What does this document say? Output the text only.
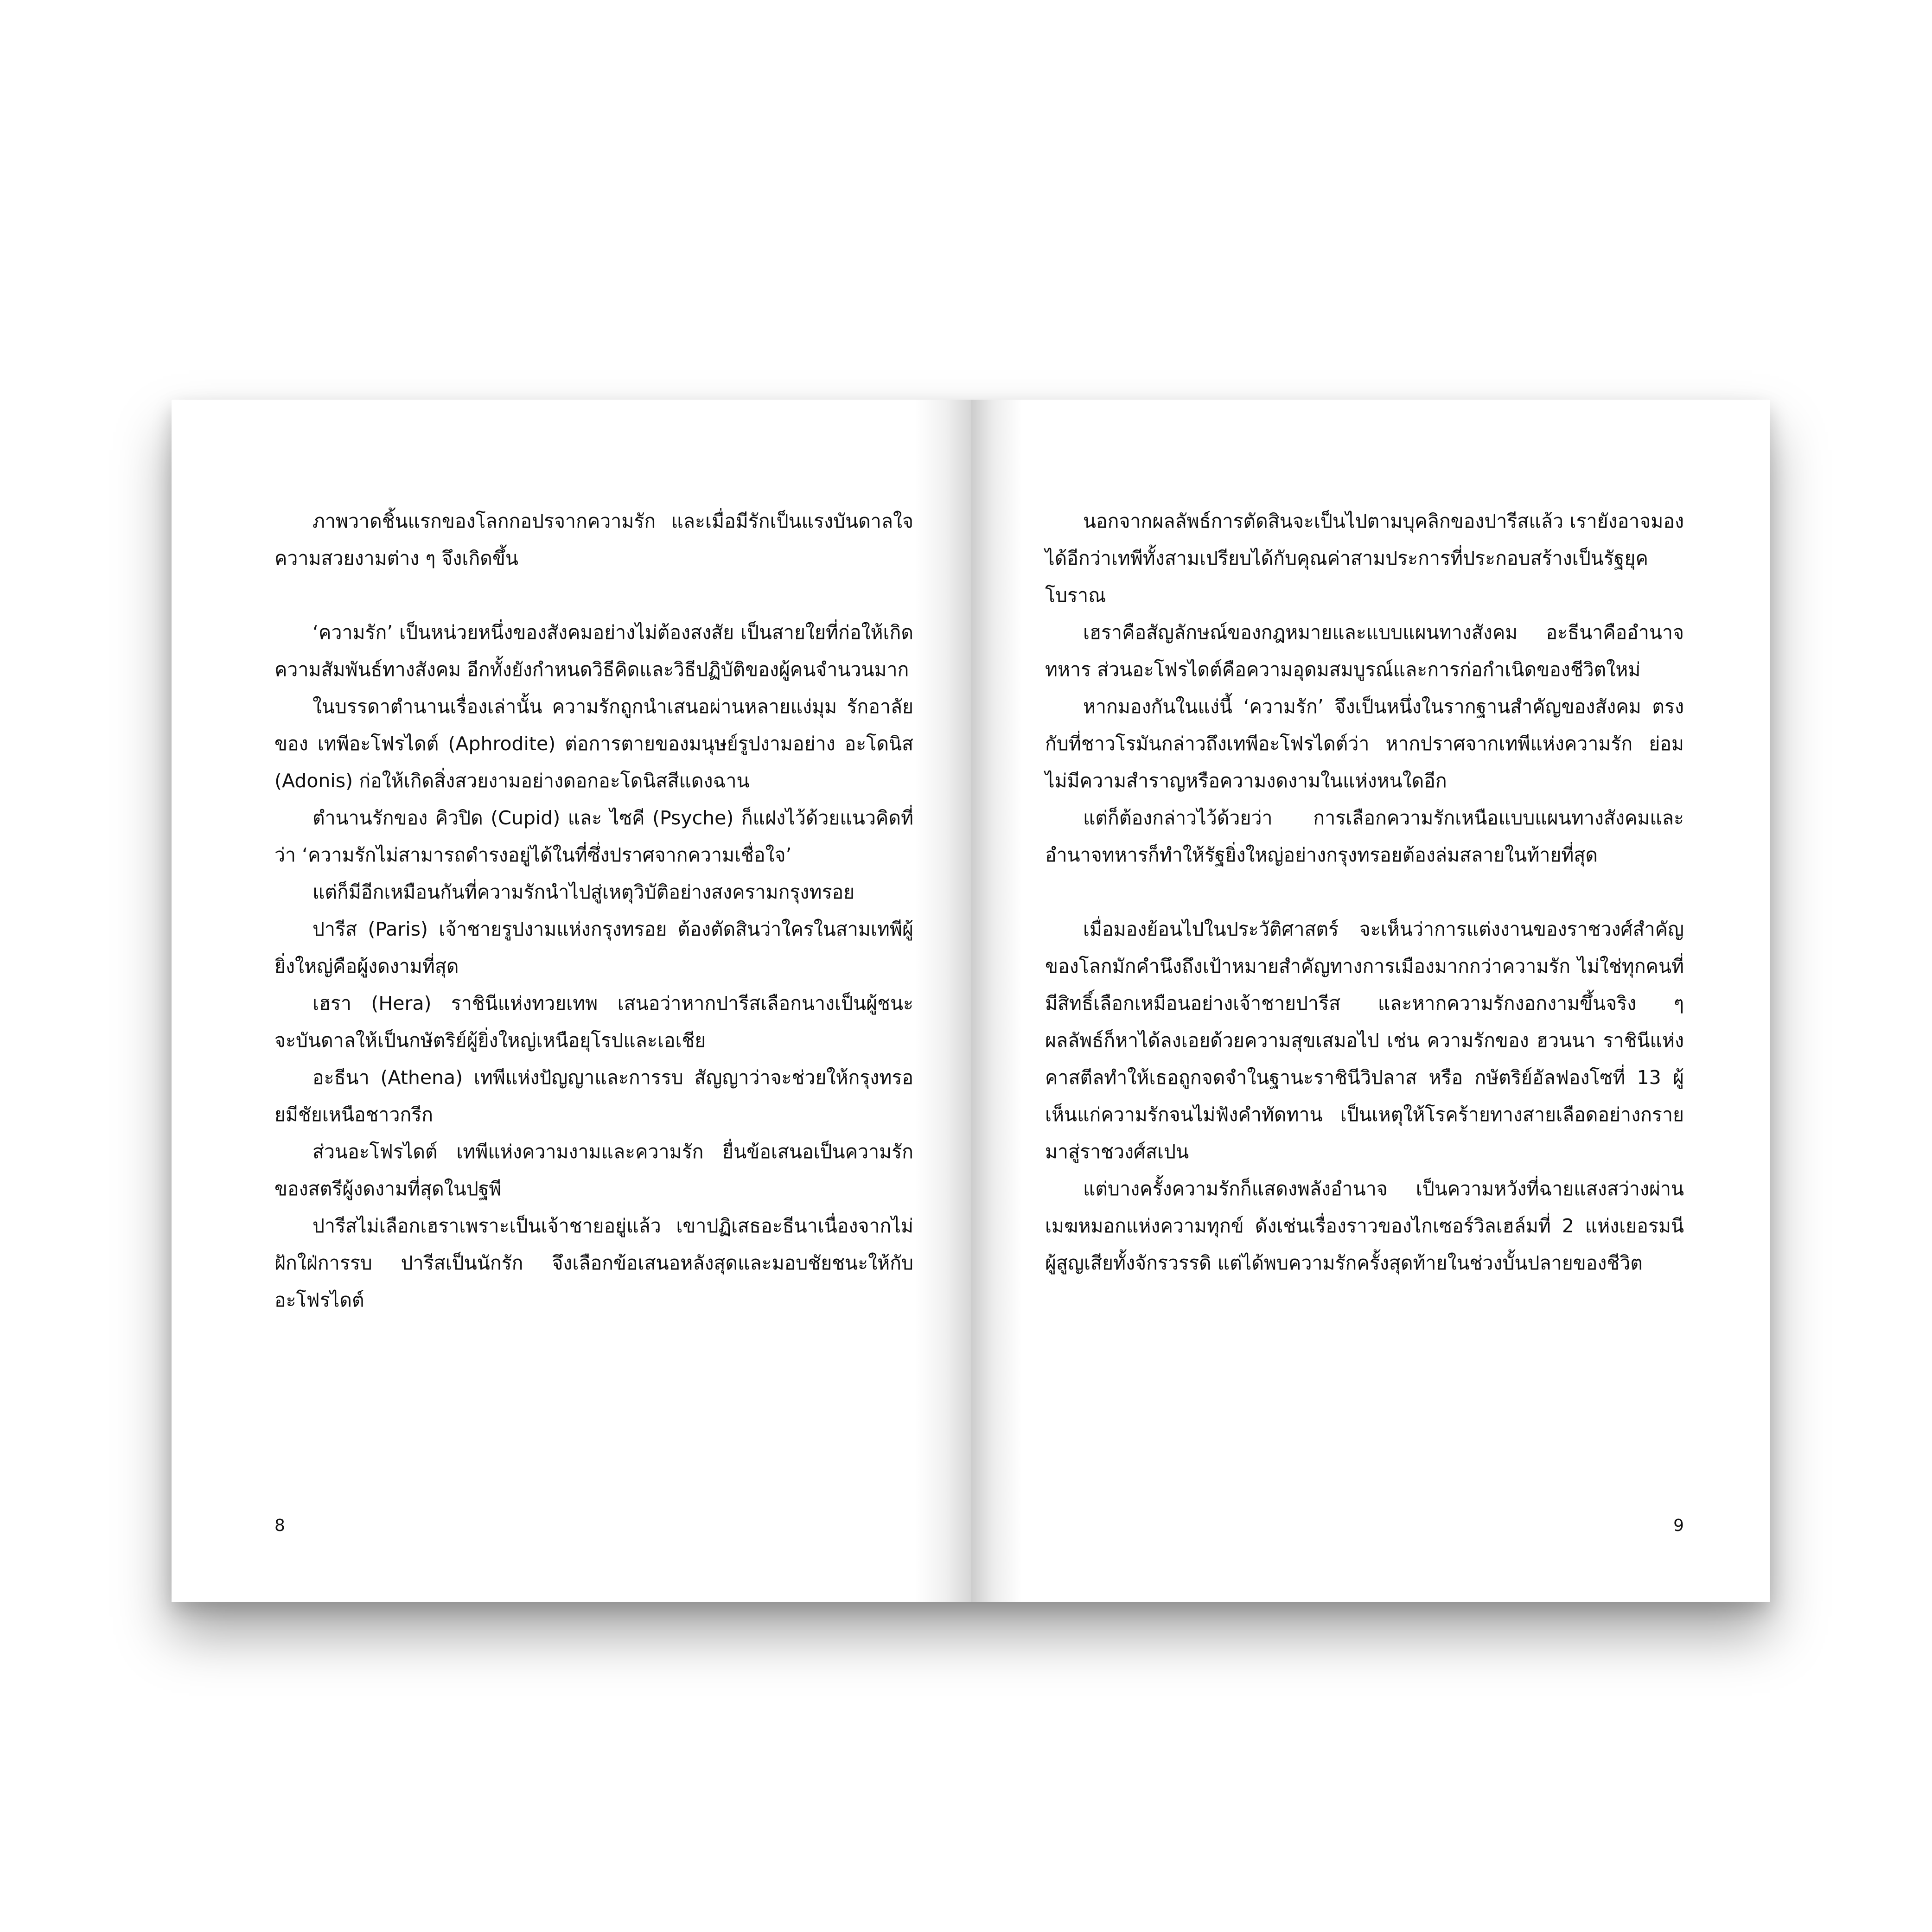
ภาพวาดชิ้นแรกของโลกกอปรจากความรัก และเมื่อมีรักเป็นแรงบันดาลใจ ความสวยงามต่าง ๆ จึงเกิดขึ้น

‘ความรัก’ เป็นหน่วยหนึ่งของสังคมอย่างไม่ต้องสงสัย เป็นสายใยที่ก่อให้เกิดความสัมพันธ์ทางสังคม อีกทั้งยังกำหนดวิธีคิดและวิธีปฏิบัติของผู้คนจำนวนมาก

ในบรรดาตำนานเรื่องเล่านั้น ความรักถูกนำเสนอผ่านหลายแง่มุม รักอาลัยของ เทพีอะโฟรไดต์ (Aphrodite) ต่อการตายของมนุษย์รูปงามอย่าง อะโดนิส (Adonis) ก่อให้เกิดสิ่งสวยงามอย่างดอกอะโดนิสสีแดงฉาน

ตำนานรักของ คิวปิด (Cupid) และ ไซคี (Psyche) ก็แฝงไว้ด้วยแนวคิดที่ว่า ‘ความรักไม่สามารถดำรงอยู่ได้ในที่ซึ่งปราศจากความเชื่อใจ’

แต่ก็มีอีกเหมือนกันที่ความรักนำไปสู่เหตุวิบัติอย่างสงครามกรุงทรอย

ปารีส (Paris) เจ้าชายรูปงามแห่งกรุงทรอย ต้องตัดสินว่าใครในสามเทพีผู้ยิ่งใหญ่คือผู้งดงามที่สุด

เฮรา (Hera) ราชินีแห่งทวยเทพ เสนอว่าหากปารีสเลือกนางเป็นผู้ชนะ จะบันดาลให้เป็นกษัตริย์ผู้ยิ่งใหญ่เหนือยุโรปและเอเชีย

อะธีนา (Athena) เทพีแห่งปัญญาและการรบ สัญญาว่าจะช่วยให้กรุงทรอยมีชัยเหนือชาวกรีก

ส่วนอะโฟรไดต์ เทพีแห่งความงามและความรัก ยื่นข้อเสนอเป็นความรักของสตรีผู้งดงามที่สุดในปฐพี

ปารีสไม่เลือกเฮราเพราะเป็นเจ้าชายอยู่แล้ว เขาปฏิเสธอะธีนาเนื่องจากไม่ฝักใฝ่การรบ ปารีสเป็นนักรัก จึงเลือกข้อเสนอหลังสุดและมอบชัยชนะให้กับอะโฟรไดต์

8

นอกจากผลลัพธ์การตัดสินจะเป็นไปตามบุคลิกของปารีสแล้ว เรายังอาจมองได้อีกว่าเทพีทั้งสามเปรียบได้กับคุณค่าสามประการที่ประกอบสร้างเป็นรัฐยุคโบราณ

เฮราคือสัญลักษณ์ของกฎหมายและแบบแผนทางสังคม อะธีนาคืออำนาจทหาร ส่วนอะโฟรไดต์คือความอุดมสมบูรณ์และการก่อกำเนิดของชีวิตใหม่

หากมองกันในแง่นี้ ‘ความรัก’ จึงเป็นหนึ่งในรากฐานสำคัญของสังคม ตรงกับที่ชาวโรมันกล่าวถึงเทพีอะโฟรไดต์ว่า หากปราศจากเทพีแห่งความรัก ย่อมไม่มีความสำราญหรือความงดงามในแห่งหนใดอีก

แต่ก็ต้องกล่าวไว้ด้วยว่า การเลือกความรักเหนือแบบแผนทางสังคมและอำนาจทหารก็ทำให้รัฐยิ่งใหญ่อย่างกรุงทรอยต้องล่มสลายในท้ายที่สุด

เมื่อมองย้อนไปในประวัติศาสตร์ จะเห็นว่าการแต่งงานของราชวงศ์สำคัญของโลกมักคำนึงถึงเป้าหมายสำคัญทางการเมืองมากกว่าความรัก ไม่ใช่ทุกคนที่มีสิทธิ์เลือกเหมือนอย่างเจ้าชายปารีส และหากความรักงอกงามขึ้นจริง ๆ ผลลัพธ์ก็หาได้ลงเอยด้วยความสุขเสมอไป เช่น ความรักของ ฮวนนา ราชินีแห่งคาสตีลทำให้เธอถูกจดจำในฐานะราชินีวิปลาส หรือ กษัตริย์อัลฟองโซที่ 13 ผู้เห็นแก่ความรักจนไม่ฟังคำทัดทาน เป็นเหตุให้โรคร้ายทางสายเลือดอย่างกรายมาสู่ราชวงศ์สเปน

แต่บางครั้งความรักก็แสดงพลังอำนาจ เป็นความหวังที่ฉายแสงสว่างผ่านเมฆหมอกแห่งความทุกข์ ดังเช่นเรื่องราวของไกเซอร์วิลเฮล์มที่ 2 แห่งเยอรมนี ผู้สูญเสียทั้งจักรวรรดิ แต่ได้พบความรักครั้งสุดท้ายในช่วงบั้นปลายของชีวิต

9
